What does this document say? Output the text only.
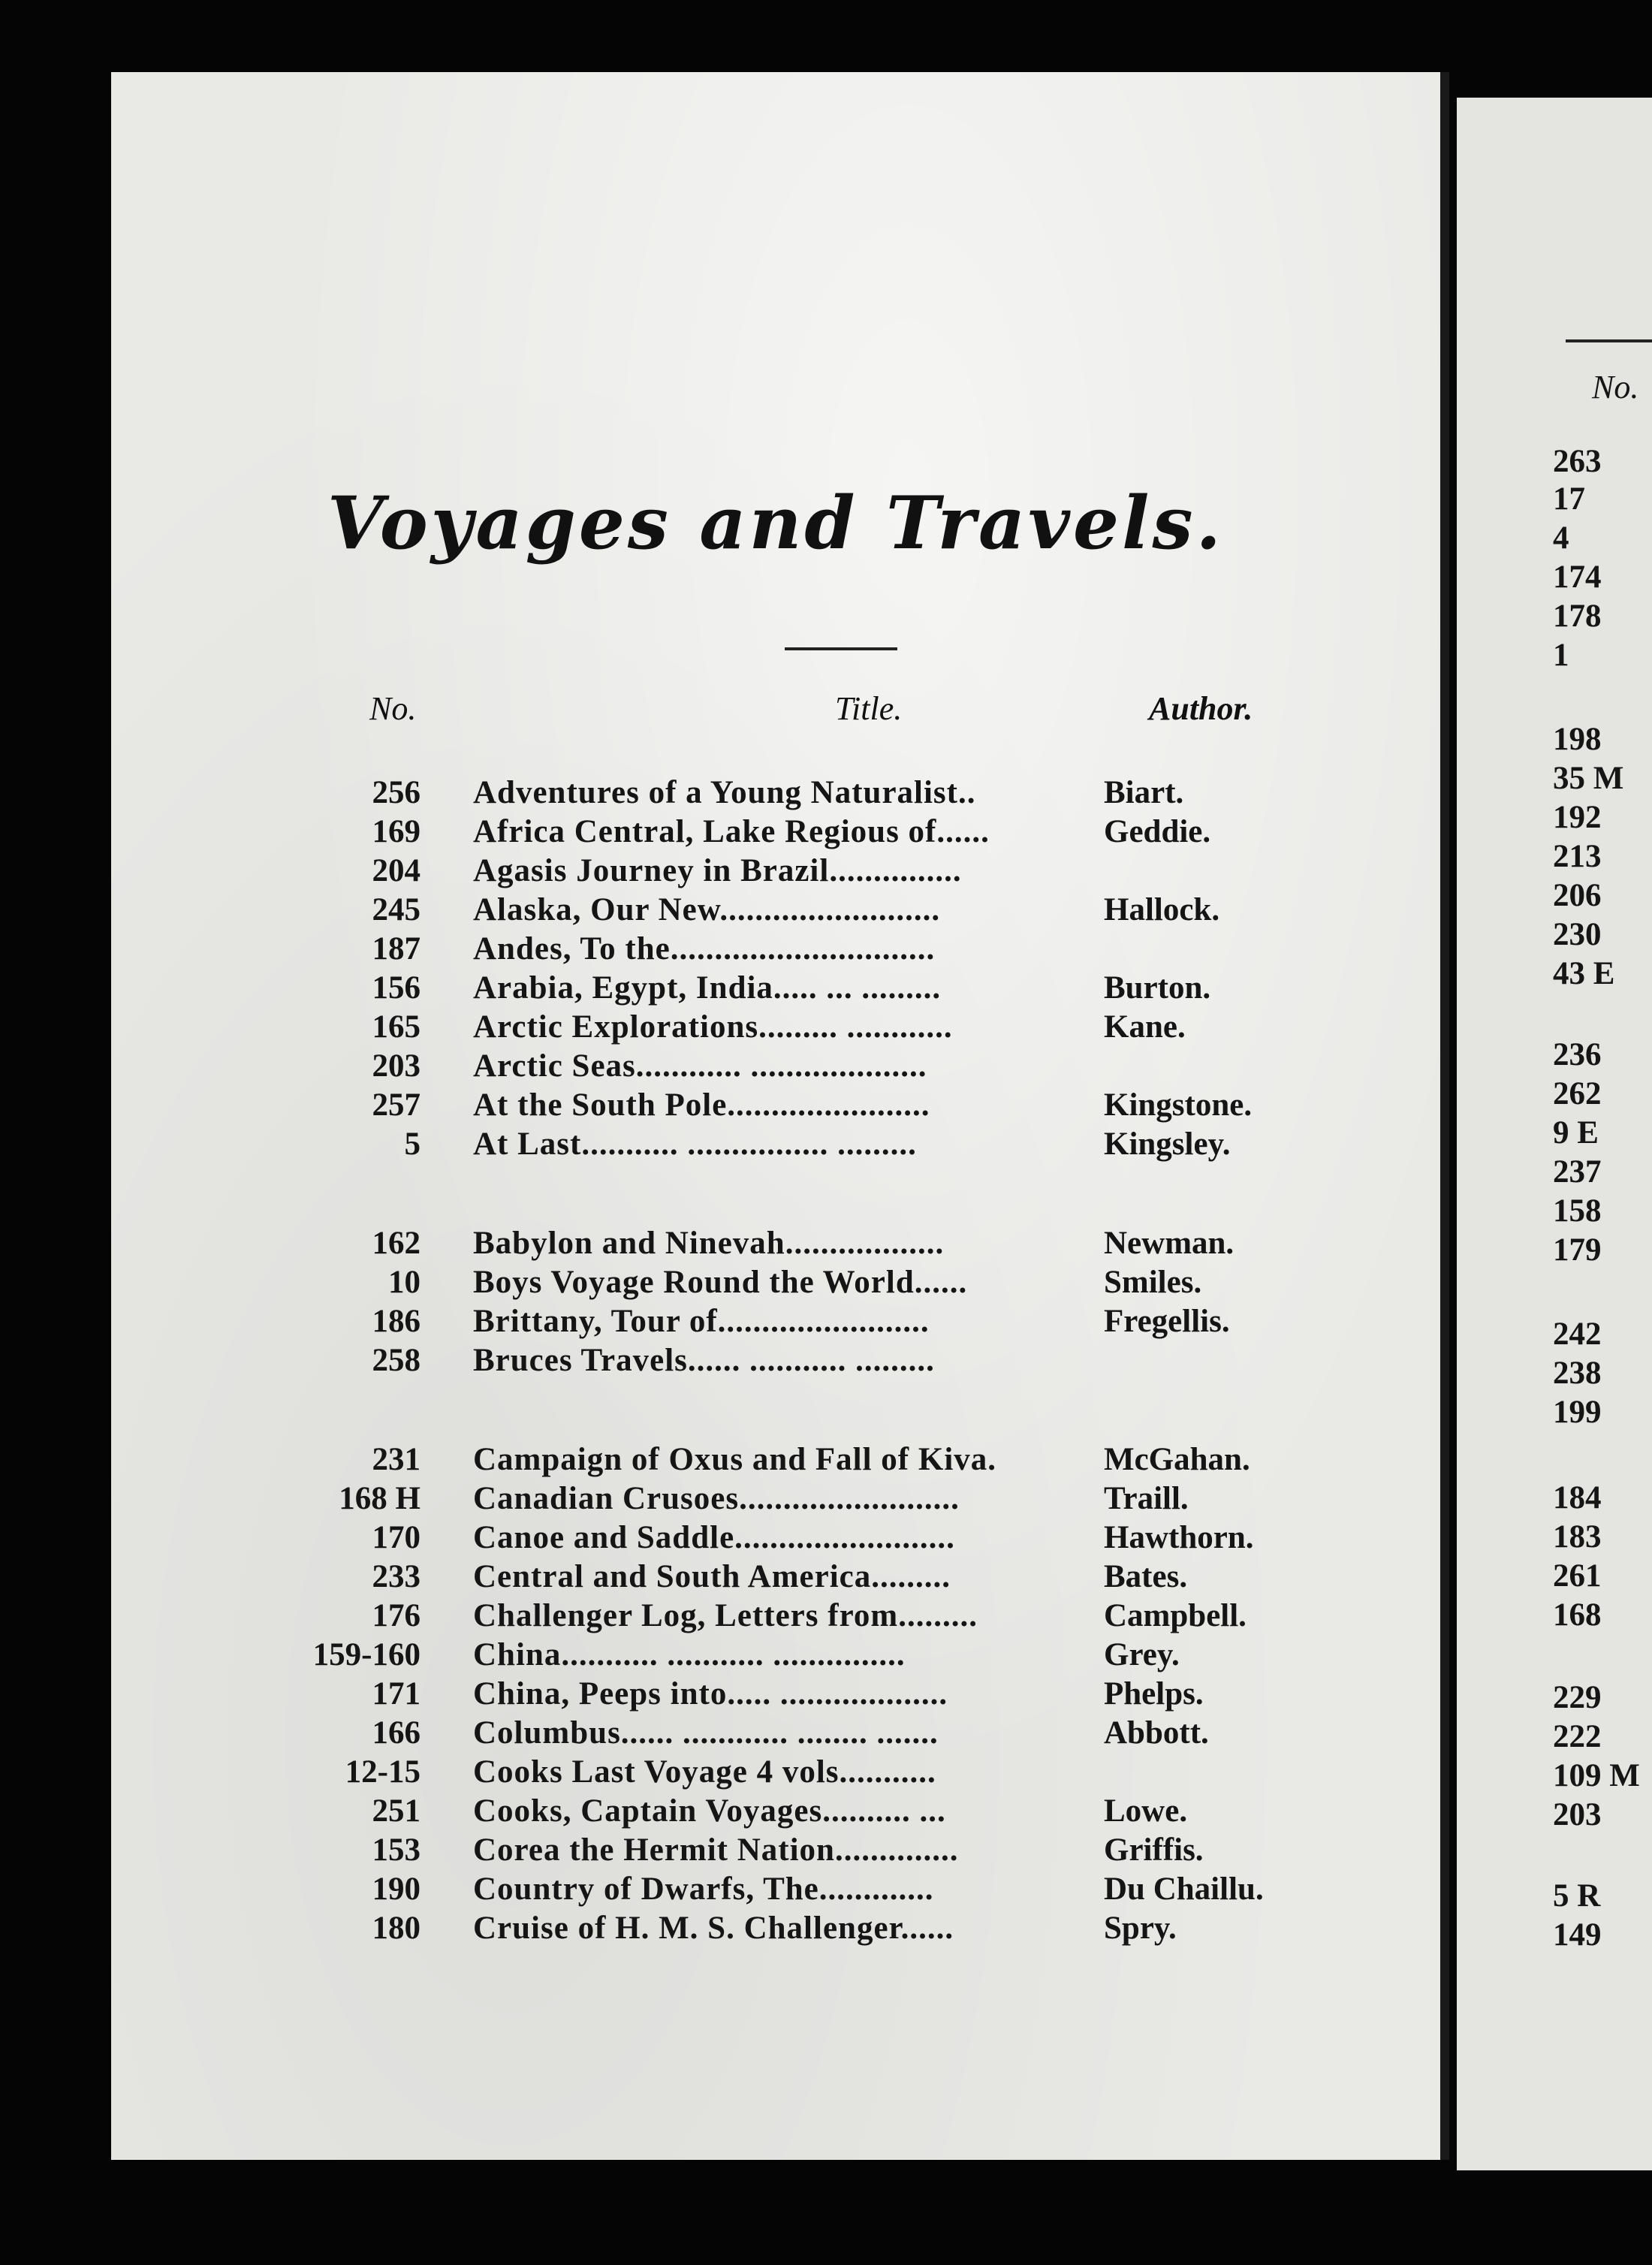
Voyages and Travels.
No.	Title.	Author.
256 Adventures of a Young Naturalist..	Biart.
169 Africa Central, Lake Regious of......	Geddie.
204 Agasis Journey in Brazil...............
245 Alaska, Our New.........................	Hallock.
187 Andes, To the..............................
156 Arabia, Egypt, India..... ... .........	Burton.
165 Arctic Explorations......... ............	Kane.
203 Arctic Seas............ ....................
257 At the South Pole.......................	Kingstone.
5 At Last........... ................ .........	Kingsley.
162 Babylon and Ninevah..................	Newman.
10 Boys Voyage Round the World......	Smiles.
186 Brittany, Tour of........................	Fregellis.
258 Bruces Travels...... ........... .........
231 Campaign of Oxus and Fall of Kiva.	McGahan.
168 H Canadian Crusoes.........................	Traill.
170 Canoe and Saddle.........................	Hawthorn.
233 Central and South America.........	Bates.
176 Challenger Log, Letters from.........	Campbell.
159-160 China........... ........... ...............	Grey.
171 China, Peeps into..... ...................	Phelps.
166 Columbus...... ............ ........ .......	Abbott.
12-15 Cooks Last Voyage 4 vols...........
251 Cooks, Captain Voyages.......... ...	Lowe.
153 Corea the Hermit Nation..............	Griffis.
190 Country of Dwarfs, The.............	Du Chaillu.
180 Cruise of H. M. S. Challenger......	Spry.
No.
263
17
4
174
178
1
198
35 M
192
213
206
230
43 E
236
262
9 E
237
158
179
242
238
199
184
183
261
168
229
222
109 M
203
5 R
149
